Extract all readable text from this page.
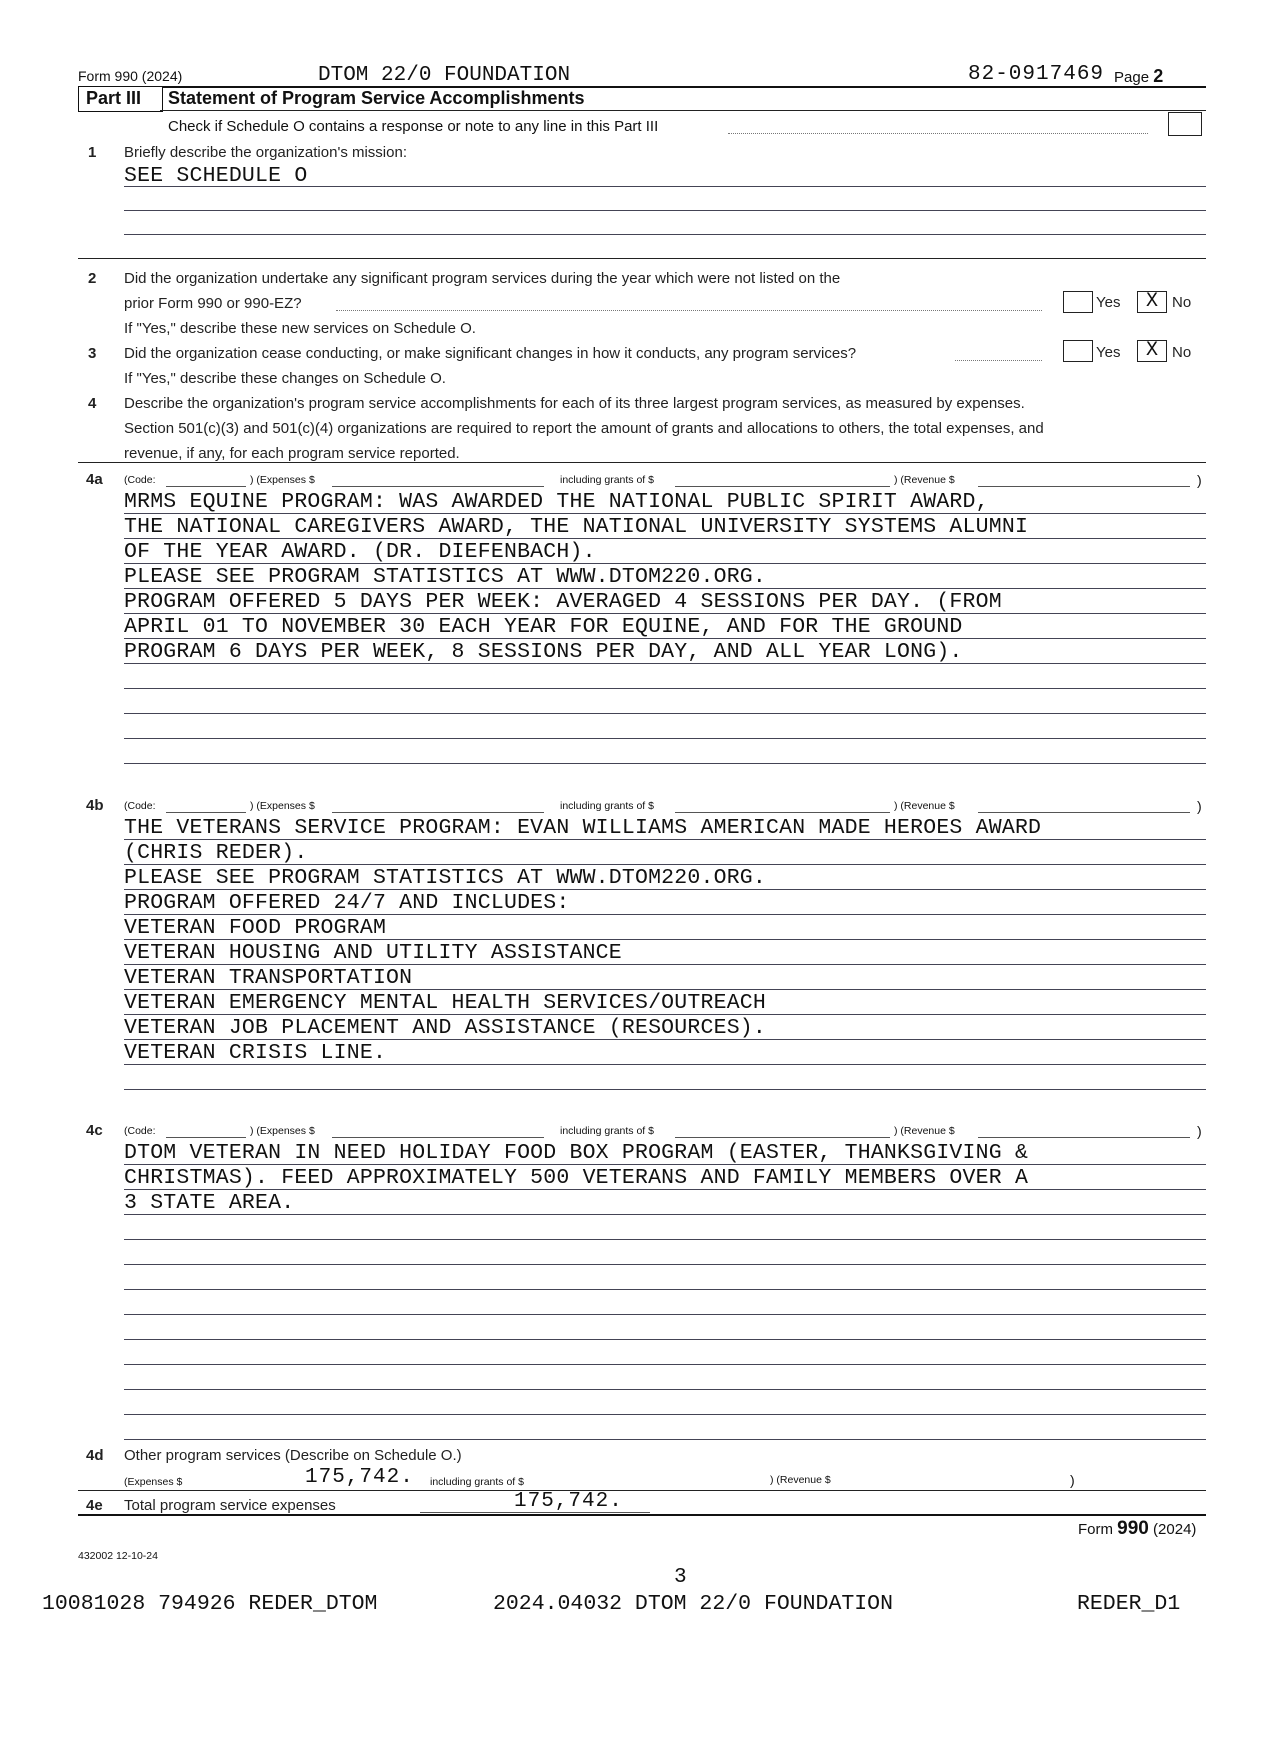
Form 990 (2024)	DTOM 22/0 FOUNDATION	82-0917469 Page 2
Part III Statement of Program Service Accomplishments
Check if Schedule O contains a response or note to any line in this Part III
1 Briefly describe the organization's mission:
SEE SCHEDULE O
2 Did the organization undertake any significant program services during the year which were not listed on the
prior Form 990 or 990-EZ?	Yes	X No
If "Yes," describe these new services on Schedule O.
3 Did the organization cease conducting, or make significant changes in how it conducts, any program services?	Yes	X No
If "Yes," describe these changes on Schedule O.
4 Describe the organization's program service accomplishments for each of its three largest program services, as measured by expenses.
Section 501(c)(3) and 501(c)(4) organizations are required to report the amount of grants and allocations to others, the total expenses, and
revenue, if any, for each program service reported.
4a (Code:	) (Expenses $	including grants of $	) (Revenue $	)
MRMS EQUINE PROGRAM: WAS AWARDED THE NATIONAL PUBLIC SPIRIT AWARD,
THE NATIONAL CAREGIVERS AWARD, THE NATIONAL UNIVERSITY SYSTEMS ALUMNI
OF THE YEAR AWARD. (DR. DIEFENBACH).
PLEASE SEE PROGRAM STATISTICS AT WWW.DTOM220.ORG.
PROGRAM OFFERED 5 DAYS PER WEEK: AVERAGED 4 SESSIONS PER DAY. (FROM
APRIL 01 TO NOVEMBER 30 EACH YEAR FOR EQUINE, AND FOR THE GROUND
PROGRAM 6 DAYS PER WEEK, 8 SESSIONS PER DAY, AND ALL YEAR LONG).
4b (Code:	) (Expenses $	including grants of $	) (Revenue $	)
THE VETERANS SERVICE PROGRAM: EVAN WILLIAMS AMERICAN MADE HEROES AWARD
(CHRIS REDER).
PLEASE SEE PROGRAM STATISTICS AT WWW.DTOM220.ORG.
PROGRAM OFFERED 24/7 AND INCLUDES:
VETERAN FOOD PROGRAM
VETERAN HOUSING AND UTILITY ASSISTANCE
VETERAN TRANSPORTATION
VETERAN EMERGENCY MENTAL HEALTH SERVICES/OUTREACH
VETERAN JOB PLACEMENT AND ASSISTANCE (RESOURCES).
VETERAN CRISIS LINE.
4c (Code:	) (Expenses $	including grants of $	) (Revenue $	)
DTOM VETERAN IN NEED HOLIDAY FOOD BOX PROGRAM (EASTER, THANKSGIVING &
CHRISTMAS). FEED APPROXIMATELY 500 VETERANS AND FAMILY MEMBERS OVER A
3 STATE AREA.
4d Other program services (Describe on Schedule O.)
(Expenses $	175,742. including grants of $	) (Revenue $	)
4e Total program service expenses	175,742.
Form 990 (2024)
432002 12-10-24
3
10081028 794926 REDER_DTOM	2024.04032 DTOM 22/0 FOUNDATION	REDER_D1
